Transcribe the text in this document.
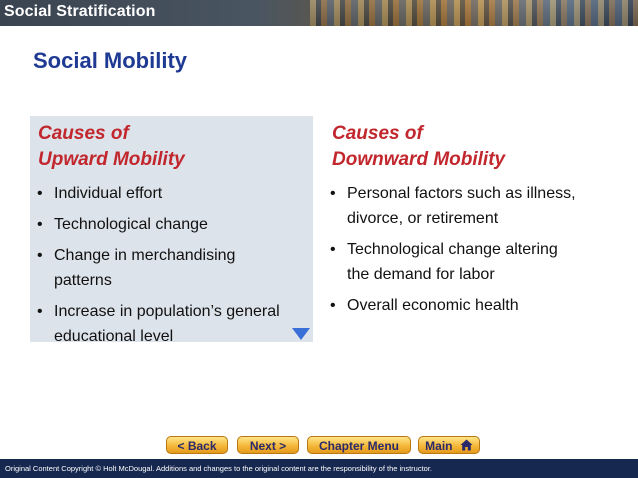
Social Stratification
Social Mobility
Causes of
Upward Mobility
• Individual effort
• Technological change
• Change in merchandising
patterns
• Increase in population’s general
educational level
Causes of
Downward Mobility
• Personal factors such as illness,
divorce, or retirement
• Technological change altering
the demand for labor
• Overall economic health
< Back	Next >	Chapter Menu	Main
Original Content Copyright © Holt McDougal. Additions and changes to the original content are the responsibility of the instructor.
